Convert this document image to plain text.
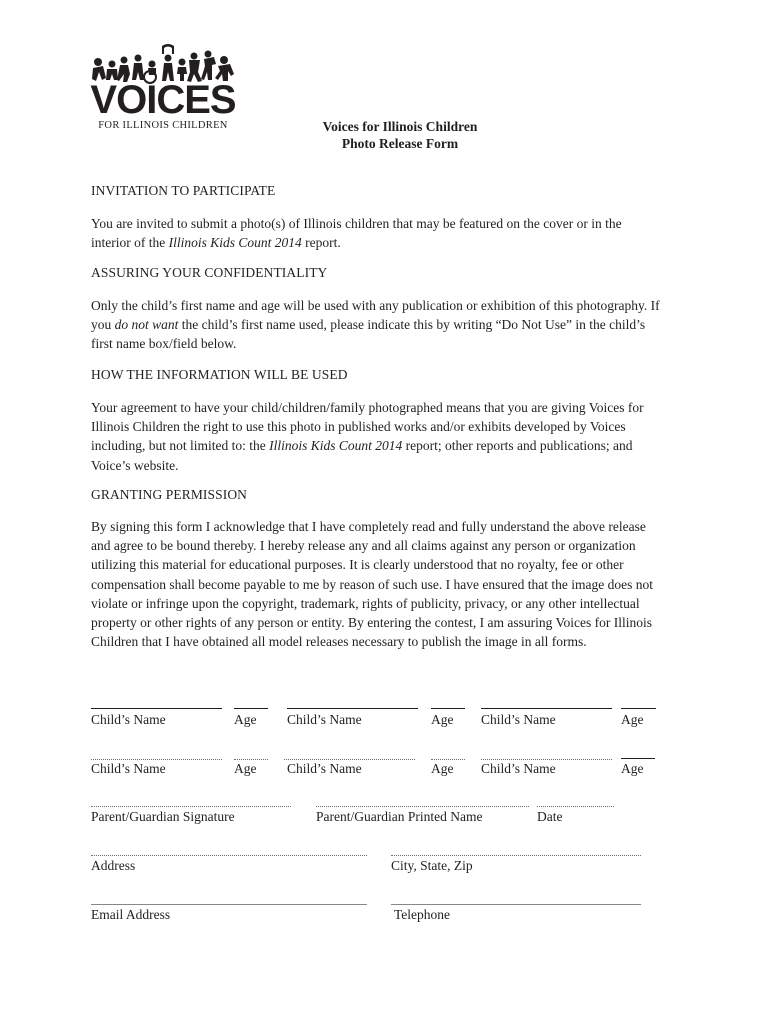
VOICES
FOR ILLINOIS CHILDREN	Voices for Illinois Children
Photo Release Form
INVITATION TO PARTICIPATE

You are invited to submit a photo(s) of Illinois children that may be featured on the cover or in the

interior of the Illinois Kids Count 2014 report.

ASSURING YOUR CONFIDENTIALITY

Only the child’s first name and age will be used with any publication or exhibition of this photography. If

you do not want the child’s first name used, please indicate this by writing “Do Not Use” in the child’s

first name box/field below.

HOW THE INFORMATION WILL BE USED

Your agreement to have your child/children/family photographed means that you are giving Voices for

Illinois Children the right to use this photo in published works and/or exhibits developed by Voices

including, but not limited to: the Illinois Kids Count 2014 report; other reports and publications; and

Voice’s website.

GRANTING PERMISSION

By signing this form I acknowledge that I have completely read and fully understand the above release

and agree to be bound thereby. I hereby release any and all claims against any person or organization

utilizing this material for educational purposes. It is clearly understood that no royalty, fee or other

compensation shall become payable to me by reason of such use. I have ensured that the image does not

violate or infringe upon the copyright, trademark, rights of publicity, privacy, or any other intellectual

property or other rights of any person or entity. By entering the contest, I am assuring Voices for Illinois

Children that I have obtained all model releases necessary to publish the image in all forms.

Child’s Name	Age Child’s Name	Age Child’s Name	Age
Child’s Name	Age Child’s Name	Age Child’s Name	Age
Parent/Guardian Signature	Parent/Guardian Printed Name	Date
Address	City, State, Zip
Email Address	Telephone
